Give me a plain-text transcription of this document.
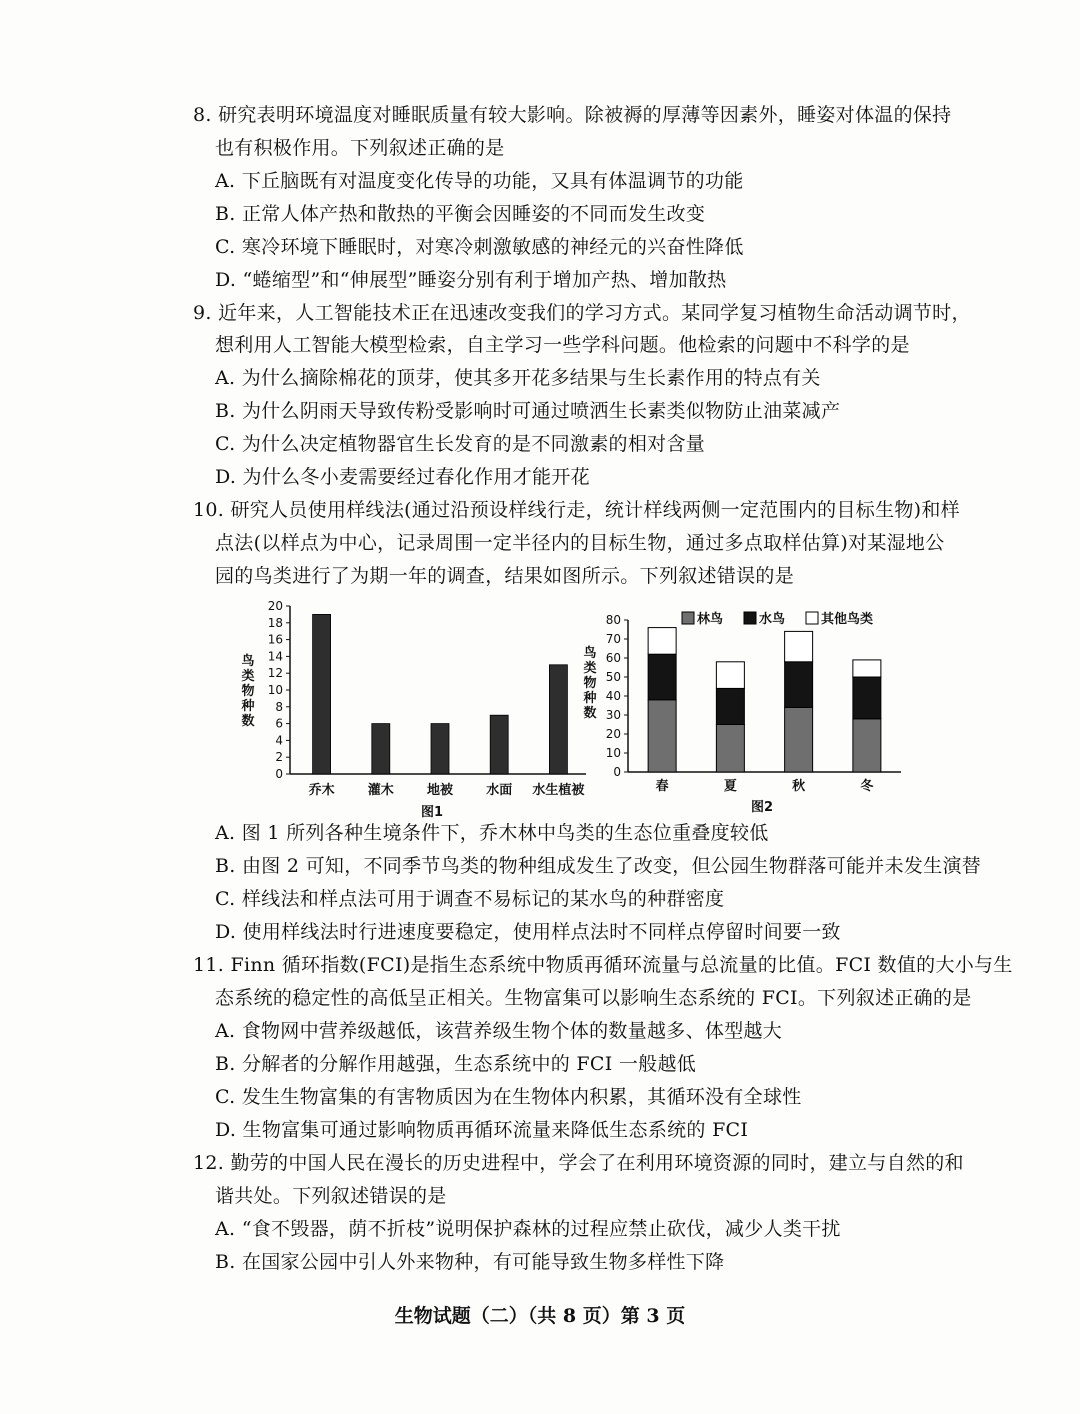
8. 研究表明环境温度对睡眠质量有较大影响。除被褥的厚薄等因素外，睡姿对体温的保持
也有积极作用。下列叙述正确的是
A. 下丘脑既有对温度变化传导的功能，又具有体温调节的功能
B. 正常人体产热和散热的平衡会因睡姿的不同而发生改变
C. 寒冷环境下睡眠时，对寒冷刺激敏感的神经元的兴奋性降低
D. “蜷缩型”和“伸展型”睡姿分别有利于增加产热、增加散热
9. 近年来，人工智能技术正在迅速改变我们的学习方式。某同学复习植物生命活动调节时，
想利用人工智能大模型检索，自主学习一些学科问题。他检索的问题中不科学的是
A. 为什么摘除棉花的顶芽，使其多开花多结果与生长素作用的特点有关
B. 为什么阴雨天导致传粉受影响时可通过喷洒生长素类似物防止油菜减产
C. 为什么决定植物器官生长发育的是不同激素的相对含量
D. 为什么冬小麦需要经过春化作用才能开花
10. 研究人员使用样线法(通过沿预设样线行走，统计样线两侧一定范围内的目标生物)和样
点法(以样点为中心，记录周围一定半径内的目标生物，通过多点取样估算)对某湿地公
园的鸟类进行了为期一年的调查，结果如图所示。下列叙述错误的是
鸟类物种数
0
2
4
6
8
10
12
14
16
18
20
乔木	灌木	地被	水面 水生植被
图1
鸟类物种数
0
10
20
30
40
50
60
70
80
春	夏	秋	冬
林鸟	水鸟	其他鸟类
图2
A. 图 1 所列各种生境条件下，乔木林中鸟类的生态位重叠度较低
B. 由图 2 可知，不同季节鸟类的物种组成发生了改变，但公园生物群落可能并未发生演替
C. 样线法和样点法可用于调查不易标记的某水鸟的种群密度
D. 使用样线法时行进速度要稳定，使用样点法时不同样点停留时间要一致
11. Finn 循环指数(FCI)是指生态系统中物质再循环流量与总流量的比值。FCI 数值的大小与生
态系统的稳定性的高低呈正相关。生物富集可以影响生态系统的 FCI。下列叙述正确的是
A. 食物网中营养级越低，该营养级生物个体的数量越多、体型越大
B. 分解者的分解作用越强，生态系统中的 FCI 一般越低
C. 发生生物富集的有害物质因为在生物体内积累，其循环没有全球性
D. 生物富集可通过影响物质再循环流量来降低生态系统的 FCI
12. 勤劳的中国人民在漫长的历史进程中，学会了在利用环境资源的同时，建立与自然的和
谐共处。下列叙述错误的是
A. “食不毁器，荫不折枝”说明保护森林的过程应禁止砍伐，减少人类干扰
B. 在国家公园中引人外来物种，有可能导致生物多样性下降
生物试题（二）（共 8 页）第 3 页
